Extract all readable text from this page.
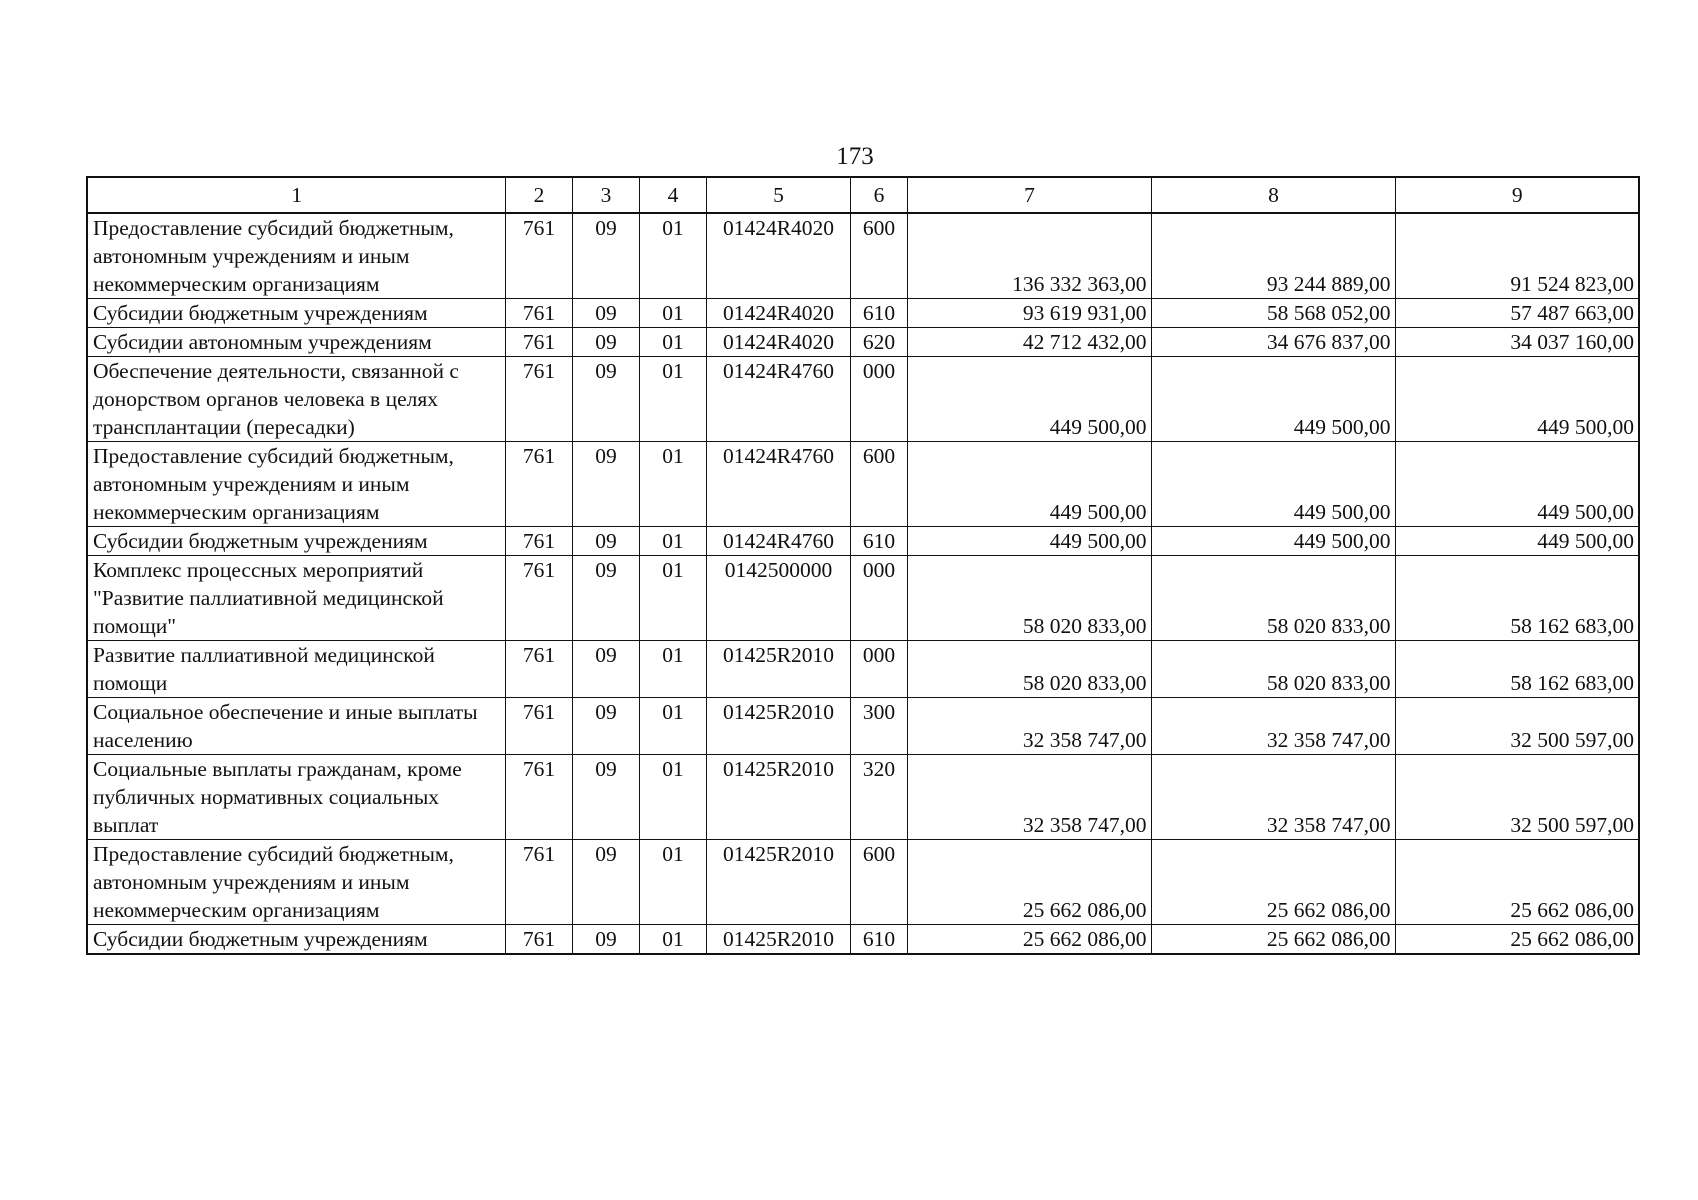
173
1	2	3	4	5	6	7	8	9
Предоставление субсидий бюджетным, автономным учреждениям и иным некоммерческим организациям	761	09	01	01424R4020	600	136 332 363,00	93 244 889,00	91 524 823,00
Субсидии бюджетным учреждениям	761	09	01	01424R4020	610	93 619 931,00	58 568 052,00	57 487 663,00
Субсидии автономным учреждениям	761	09	01	01424R4020	620	42 712 432,00	34 676 837,00	34 037 160,00
Обеспечение деятельности, связанной с донорством органов человека в целях трансплантации (пересадки)	761	09	01	01424R4760	000	449 500,00	449 500,00	449 500,00
Предоставление субсидий бюджетным, автономным учреждениям и иным некоммерческим организациям	761	09	01	01424R4760	600	449 500,00	449 500,00	449 500,00
Субсидии бюджетным учреждениям	761	09	01	01424R4760	610	449 500,00	449 500,00	449 500,00
Комплекс процессных мероприятий "Развитие паллиативной медицинской помощи"	761	09	01	0142500000	000	58 020 833,00	58 020 833,00	58 162 683,00
Развитие паллиативной медицинской помощи	761	09	01	01425R2010	000	58 020 833,00	58 020 833,00	58 162 683,00
Социальное обеспечение и иные выплаты населению	761	09	01	01425R2010	300	32 358 747,00	32 358 747,00	32 500 597,00
Социальные выплаты гражданам, кроме публичных нормативных социальных выплат	761	09	01	01425R2010	320	32 358 747,00	32 358 747,00	32 500 597,00
Предоставление субсидий бюджетным, автономным учреждениям и иным некоммерческим организациям	761	09	01	01425R2010	600	25 662 086,00	25 662 086,00	25 662 086,00
Субсидии бюджетным учреждениям	761	09	01	01425R2010	610	25 662 086,00	25 662 086,00	25 662 086,00
